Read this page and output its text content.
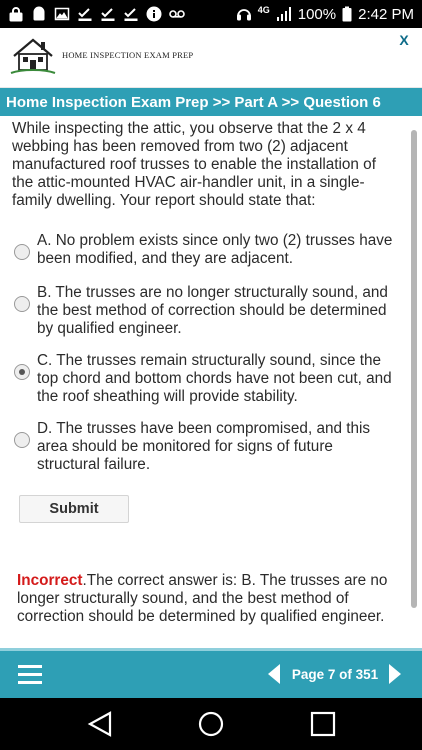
4G 100% 2:42 PM
HOME INSPECTION EXAM PREP
X
Home Inspection Exam Prep >> Part A >> Question 6

While inspecting the attic, you observe that the 2 x 4 webbing has been removed from two (2) adjacent manufactured roof trusses to enable the installation of the attic-mounted HVAC air-handler unit, in a single-family dwelling. Your report should state that:

A. No problem exists since only two (2) trusses have been modified, and they are adjacent.
B. The trusses are no longer structurally sound, and the best method of correction should be determined by qualified engineer.
C. The trusses remain structurally sound, since the top chord and bottom chords have not been cut, and the roof sheathing will provide stability.
D. The trusses have been compromised, and this area should be monitored for signs of future structural failure.
Submit

Incorrect.The correct answer is: B. The trusses are no longer structurally sound, and the best method of correction should be determined by qualified engineer.

Page 7 of 351
